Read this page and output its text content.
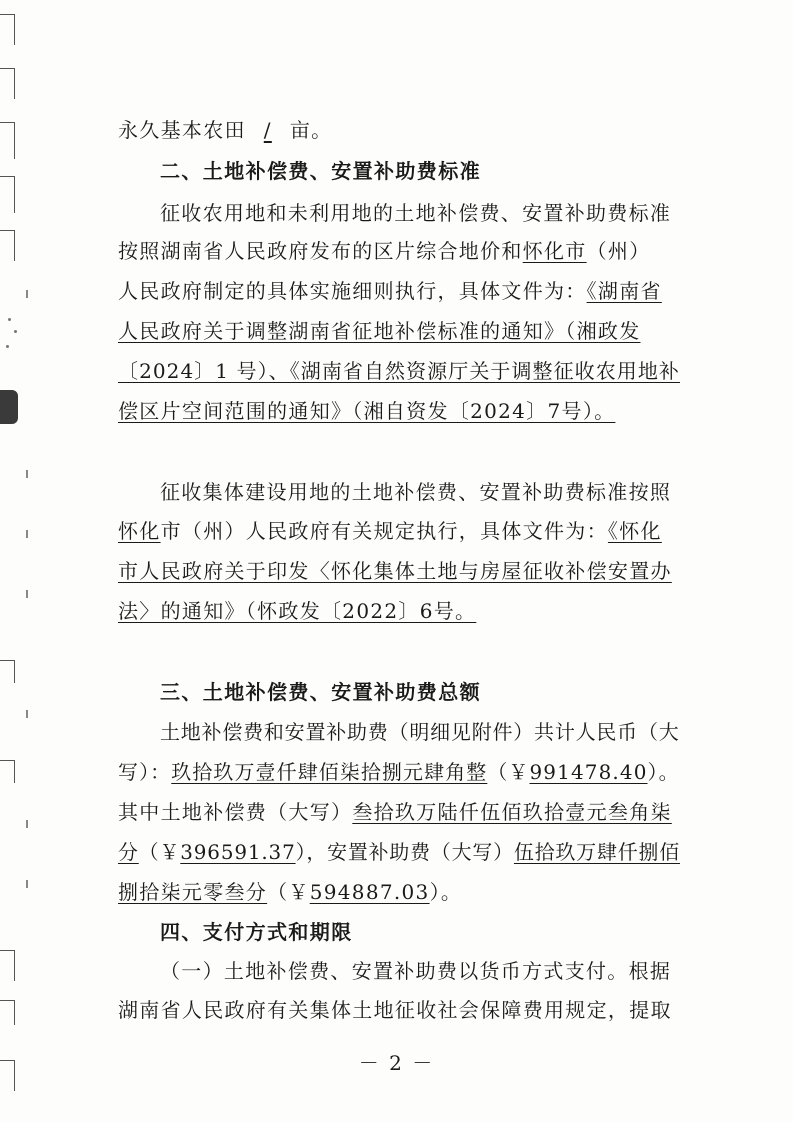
永久基本农田 / 亩。
二、土地补偿费、安置补助费标准
征收农用地和未利用地的土地补偿费、安置补助费标准
按照湖南省人民政府发布的区片综合地价和怀化市（州）
人民政府制定的具体实施细则执行，具体文件为：《湖南省
人民政府关于调整湖南省征地补偿标准的通知》（湘政发
〔2024〕1 号）、《湖南省自然资源厅关于调整征收农用地补
偿区片空间范围的通知》（湘自资发〔2024〕7号）。
征收集体建设用地的土地补偿费、安置补助费标准按照
怀化市（州）人民政府有关规定执行，具体文件为：《怀化
市人民政府关于印发〈怀化集体土地与房屋征收补偿安置办
法〉的通知》（怀政发〔2022〕6号。
三、土地补偿费、安置补助费总额
土地补偿费和安置补助费（明细见附件）共计人民币（大
写）：玖拾玖万壹仟肆佰柒拾捌元肆角整（￥991478.40）。
其中土地补偿费（大写）叁拾玖万陆仟伍佰玖拾壹元叁角柒
分（￥396591.37），安置补助费（大写）伍拾玖万肆仟捌佰
捌拾柒元零叁分（￥594887.03）。
四、支付方式和期限
（一）土地补偿费、安置补助费以货币方式支付。根据
湖南省人民政府有关集体土地征收社会保障费用规定，提取
－ 2 －
